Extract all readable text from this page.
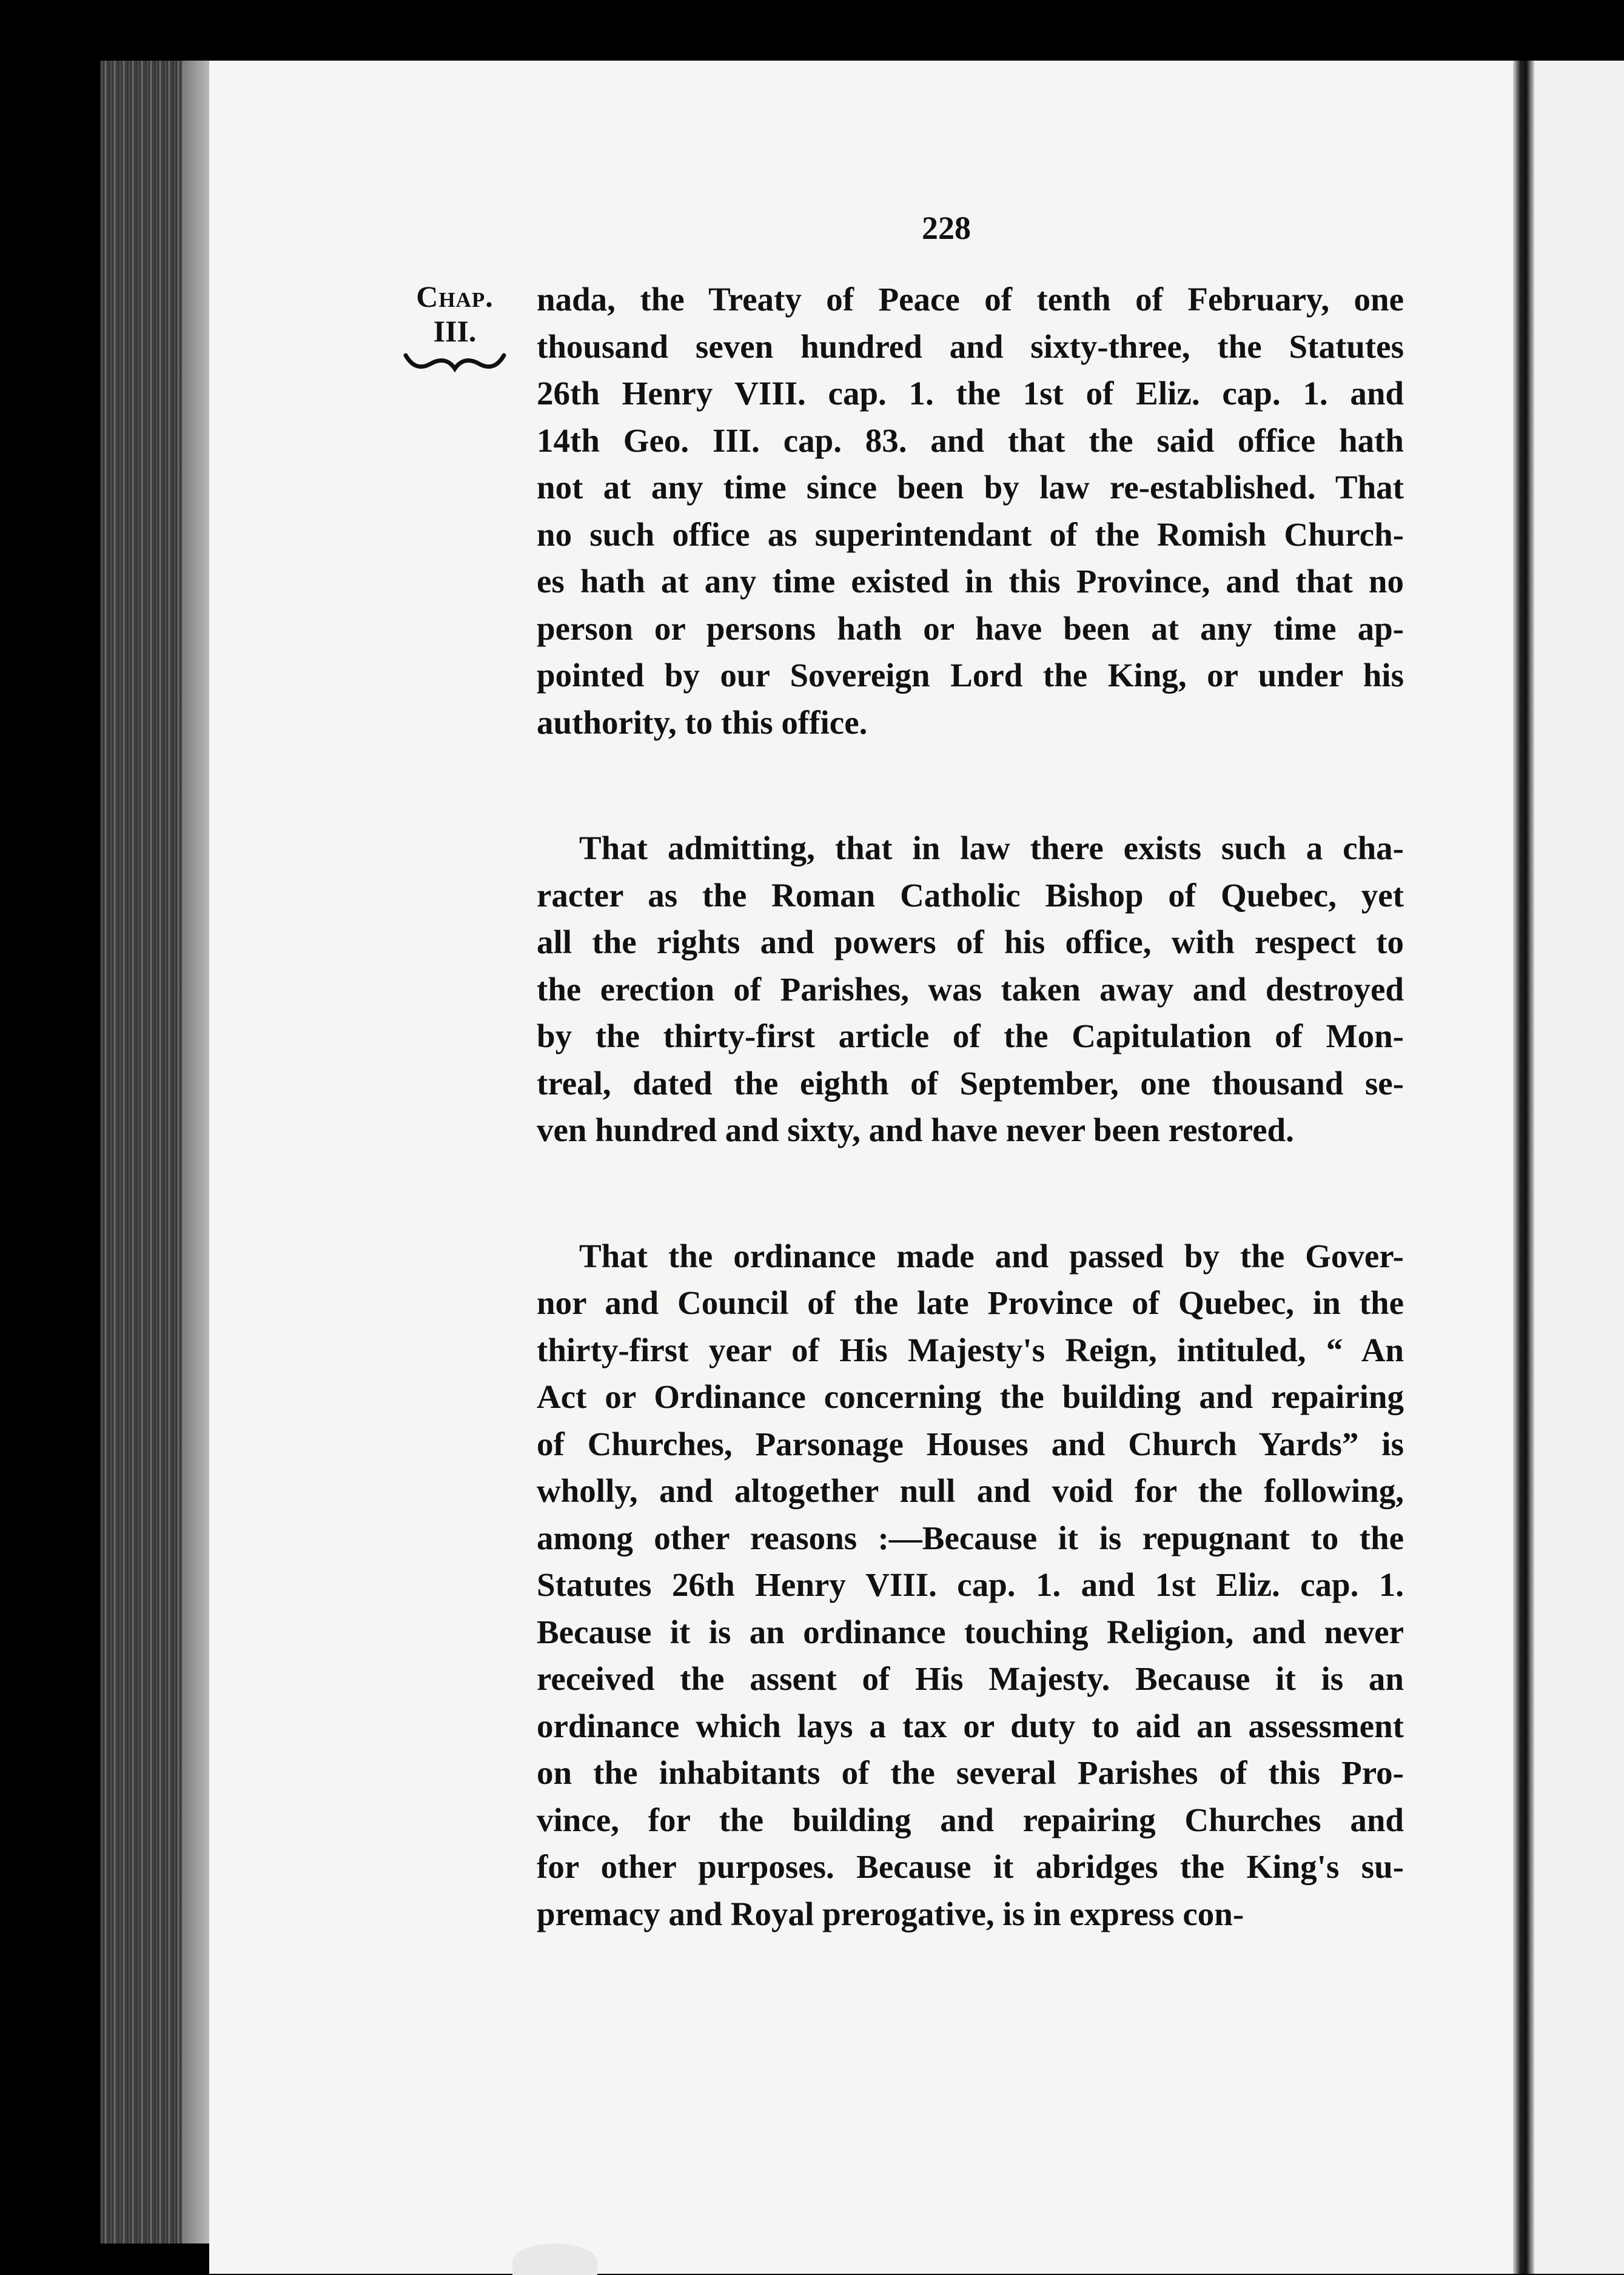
228
Chap.
III.

nada, the Treaty of Peace of tenth of February, one
thousand seven hundred and sixty-three, the Statutes
26th Henry VIII. cap. 1. the 1st of Eliz. cap. 1. and
14th Geo. III. cap. 83. and that the said office hath
not at any time since been by law re-established. That
no such office as superintendant of the Romish Church-
es hath at any time existed in this Province, and that no
person or persons hath or have been at any time ap-
pointed by our Sovereign Lord the King, or under his
authority, to this office.

That admitting, that in law there exists such a cha-
racter as the Roman Catholic Bishop of Quebec, yet
all the rights and powers of his office, with respect to
the erection of Parishes, was taken away and destroyed
by the thirty-first article of the Capitulation of Mon-
treal, dated the eighth of September, one thousand se-
ven hundred and sixty, and have never been restored.

That the ordinance made and passed by the Gover-
nor and Council of the late Province of Quebec, in the
thirty-first year of His Majesty's Reign, intituled, “ An
Act or Ordinance concerning the building and repairing
of Churches, Parsonage Houses and Church Yards” is
wholly, and altogether null and void for the following,
among other reasons :—Because it is repugnant to the
Statutes 26th Henry VIII. cap. 1. and 1st Eliz. cap. 1.
Because it is an ordinance touching Religion, and never
received the assent of His Majesty. Because it is an
ordinance which lays a tax or duty to aid an assessment
on the inhabitants of the several Parishes of this Pro-
vince, for the building and repairing Churches and
for other purposes. Because it abridges the King's su-
premacy and Royal prerogative, is in express con-
